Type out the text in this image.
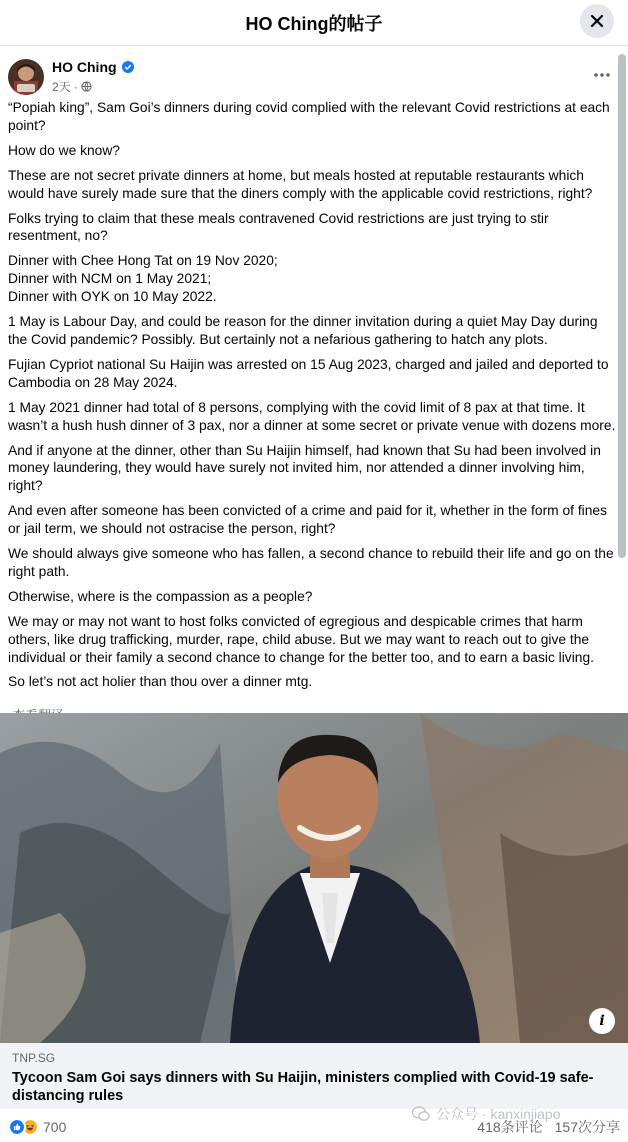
HO Ching的帖子
HO Ching
2天 ·

“Popiah king”, Sam Goi’s dinners during covid complied with the relevant Covid restrictions at each point?

How do we know?

These are not secret private dinners at home, but meals hosted at reputable restaurants which would have surely made sure that the diners comply with the applicable covid restrictions, right?

Folks trying to claim that these meals contravened Covid restrictions are just trying to stir resentment, no?

Dinner with Chee Hong Tat on 19 Nov 2020;
Dinner with NCM on 1 May 2021;
Dinner with OYK on 10 May 2022.

1 May is Labour Day, and could be reason for the dinner invitation during a quiet May Day during the Covid pandemic? Possibly. But certainly not a nefarious gathering to hatch any plots.

Fujian Cypriot national Su Haijin was arrested on 15 Aug 2023, charged and jailed and deported to Cambodia on 28 May 2024.

1 May 2021 dinner had total of 8 persons, complying with the covid limit of 8 pax at that time. It wasn’t a hush hush dinner of 3 pax, nor a dinner at some secret or private venue with dozens more.

And if anyone at the dinner, other than Su Haijin himself, had known that Su had been involved in money laundering, they would have surely not invited him, nor attended a dinner involving him, right?

And even after someone has been convicted of a crime and paid for it, whether in the form of fines or jail term, we should not ostracise the person, right?

We should always give someone who has fallen, a second chance to rebuild their life and go on the right path.

Otherwise, where is the compassion as a people?

We may or may not want to host folks convicted of egregious and despicable crimes that harm others, like drug trafficking, murder, rape, child abuse. But we may want to reach out to give the individual or their family a second chance to change for the better too, and to earn a basic living.

So let’s not act holier than thou over a dinner mtg.

i
TNP.SG
Tycoon Sam Goi says dinners with Su Haijin, ministers complied with Covid-19 safe-distancing rules
700	418条评论 157次分享
公众号 · kanxinjiapo
